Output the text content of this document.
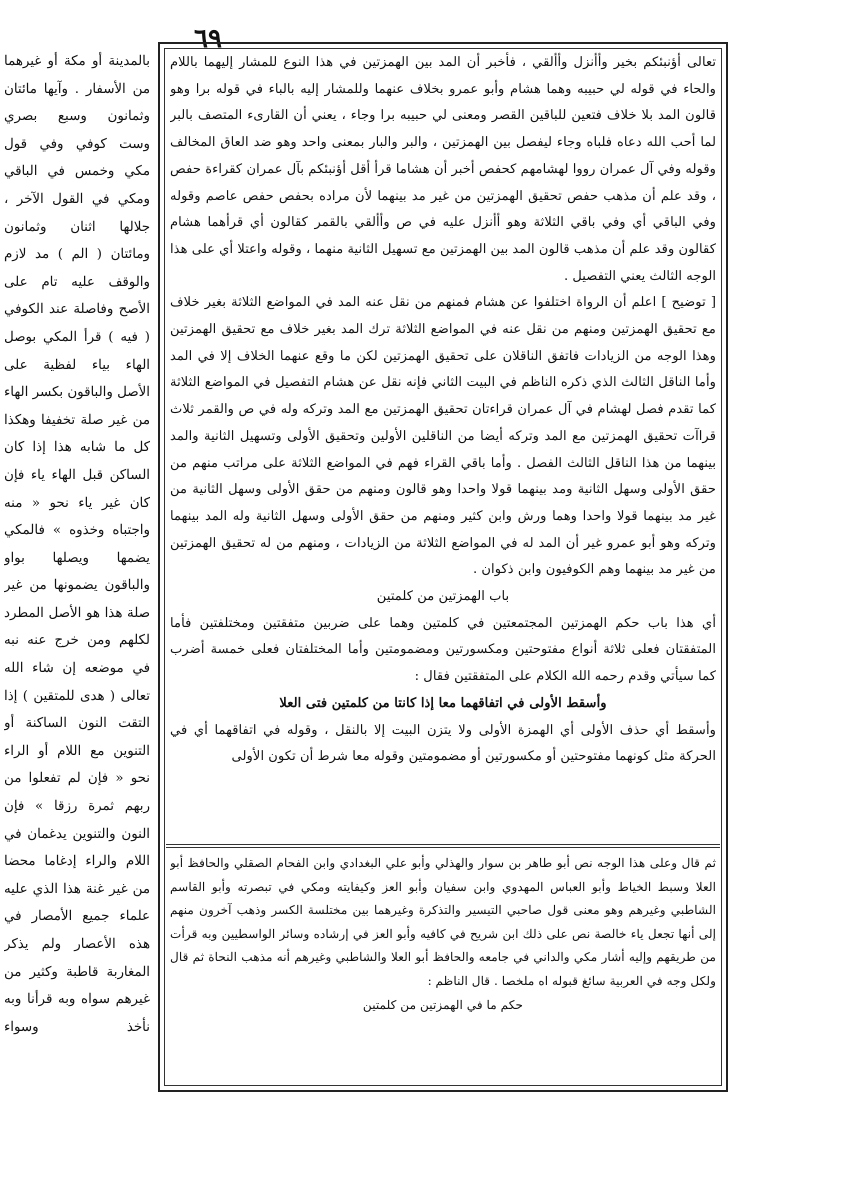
٦٩

تعالى أؤنبئكم بخير وأأنزل وأألقي ، فأخبر أن المد بين الهمزتين في هذا النوع للمشار إليهما باللام والحاء في قوله لي حبيبه وهما هشام وأبو عمرو بخلاف عنهما وللمشار إليه بالباء في قوله برا وهو قالون المد بلا خلاف فتعين للباقين القصر ومعنى لي حبيبه برا وجاء ، يعني أن القارىء المتصف بالبر لما أحب الله دعاه فلباه وجاء ليفصل بين الهمزتين ، والبر والبار بمعنى واحد وهو ضد العاق المخالف وقوله وفي آل عمران رووا لهشامهم كحفص أخبر أن هشاما قرأ أقل أؤنبئكم بآل عمران كقراءة حفص ، وقد علم أن مذهب حفص تحقيق الهمزتين من غير مد بينهما لأن مراده بحفص حفص عاصم وقوله وفي الباقي أي وفي باقي الثلاثة وهو أأنزل عليه في ص وأألقي بالقمر كقالون أي قرأهما هشام كقالون وقد علم أن مذهب قالون المد بين الهمزتين مع تسهيل الثانية منهما ، وقوله واعتلا أي على هذا الوجه الثالث يعني التفصيل .

[ توضيح ] اعلم أن الرواة اختلفوا عن هشام فمنهم من نقل عنه المد في المواضع الثلاثة بغير خلاف مع تحقيق الهمزتين ومنهم من نقل عنه في المواضع الثلاثة ترك المد بغير خلاف مع تحقيق الهمزتين وهذا الوجه من الزيادات فاتفق الناقلان على تحقيق الهمزتين لكن ما وقع عنهما الخلاف إلا في المد وأما الناقل الثالث الذي ذكره الناظم في البيت الثاني فإنه نقل عن هشام التفصيل في المواضع الثلاثة كما تقدم فصل لهشام في آل عمران قراءتان تحقيق الهمزتين مع المد وتركه وله في ص والقمر ثلاث قراآت تحقيق الهمزتين مع المد وتركه أيضا من الناقلين الأولين وتحقيق الأولى وتسهيل الثانية والمد بينهما من هذا الناقل الثالث الفصل . وأما باقي القراء فهم في المواضع الثلاثة على مراتب منهم من حقق الأولى وسهل الثانية ومد بينهما قولا واحدا وهو قالون ومنهم من حقق الأولى وسهل الثانية من غير مد بينهما قولا واحدا وهما ورش وابن كثير ومنهم من حقق الأولى وسهل الثانية وله المد بينهما وتركه وهو أبو عمرو غير أن المد له في المواضع الثلاثة من الزيادات ، ومنهم من له تحقيق الهمزتين من غير مد بينهما وهم الكوفيون وابن ذكوان .

باب الهمزتين من كلمتين

أي هذا باب حكم الهمزتين المجتمعتين في كلمتين وهما على ضربين متفقتين ومختلفتين فأما المتفقتان فعلى ثلاثة أنواع مفتوحتين ومكسورتين ومضمومتين وأما المختلفتان فعلى خمسة أضرب كما سيأتي وقدم رحمه الله الكلام على المتفقتين فقال :

وأسقط الأولى في اتفاقهما معا إذا كانتا من كلمتين فتى العلا

وأسقط أي حذف الأولى أي الهمزة الأولى ولا يتزن البيت إلا بالنقل ، وقوله في اتفاقهما أي في الحركة مثل كونهما مفتوحتين أو مكسورتين أو مضمومتين وقوله معا شرط أن تكون الأولى

ثم قال وعلى هذا الوجه نص أبو طاهر بن سوار والهذلي وأبو علي البغدادي وابن الفحام الصقلي والحافظ أبو العلا وسبط الخياط وأبو العباس المهدوي وابن سفيان وأبو العز وكيفايته ومكي في تبصرته وأبو القاسم الشاطبي وغيرهم وهو معنى قول صاحبي التيسير والتذكرة وغيرهما بين مختلسة الكسر وذهب آخرون منهم إلى أنها تجعل ياء خالصة نص على ذلك ابن شريح في كافيه وأبو العز في إرشاده وسائر الواسطيين وبه قرأت من طريقهم وإليه أشار مكي والداني في جامعه والحافظ أبو العلا والشاطبي وغيرهم أنه مذهب النحاة ثم قال ولكل وجه في العربية سائغ قبوله اه ملخصا . قال الناظم :

حكم ما في الهمزتين من كلمتين

بالمدينة أو مكة أو غيرهما من الأسفار . وآيها مائتان وثمانون وسبع بصري وست كوفي وفي قول مكي وخمس في الباقي ومكي في القول الآخر ، جلالها اثنان وثمانون ومائتان ( الم ) مد لازم والوقف عليه تام على الأصح وفاصلة عند الكوفي ( فيه ) قرأ المكي بوصل الهاء بياء لفظية على الأصل والباقون بكسر الهاء من غير صلة تخفيفا وهكذا كل ما شابه هذا إذا كان الساكن قبل الهاء ياء فإن كان غير ياء نحو « منه واجتباه وخذوه » فالمكي يضمها ويصلها بواو والباقون يضمونها من غير صلة هذا هو الأصل المطرد لكلهم ومن خرج عنه نبه في موضعه إن شاء الله تعالى ( هدى للمتقين ) إذا التقت النون الساكنة أو التنوين مع اللام أو الراء نحو « فإن لم تفعلوا من ربهم ثمرة رزقا » فإن النون والتنوين يدغمان في اللام والراء إدغاما محضا من غير غنة هذا الذي عليه علماء جميع الأمصار في هذه الأعصار ولم يذكر المغاربة قاطبة وكثير من غيرهم سواه وبه قرأنا وبه نأخذ وسواء
